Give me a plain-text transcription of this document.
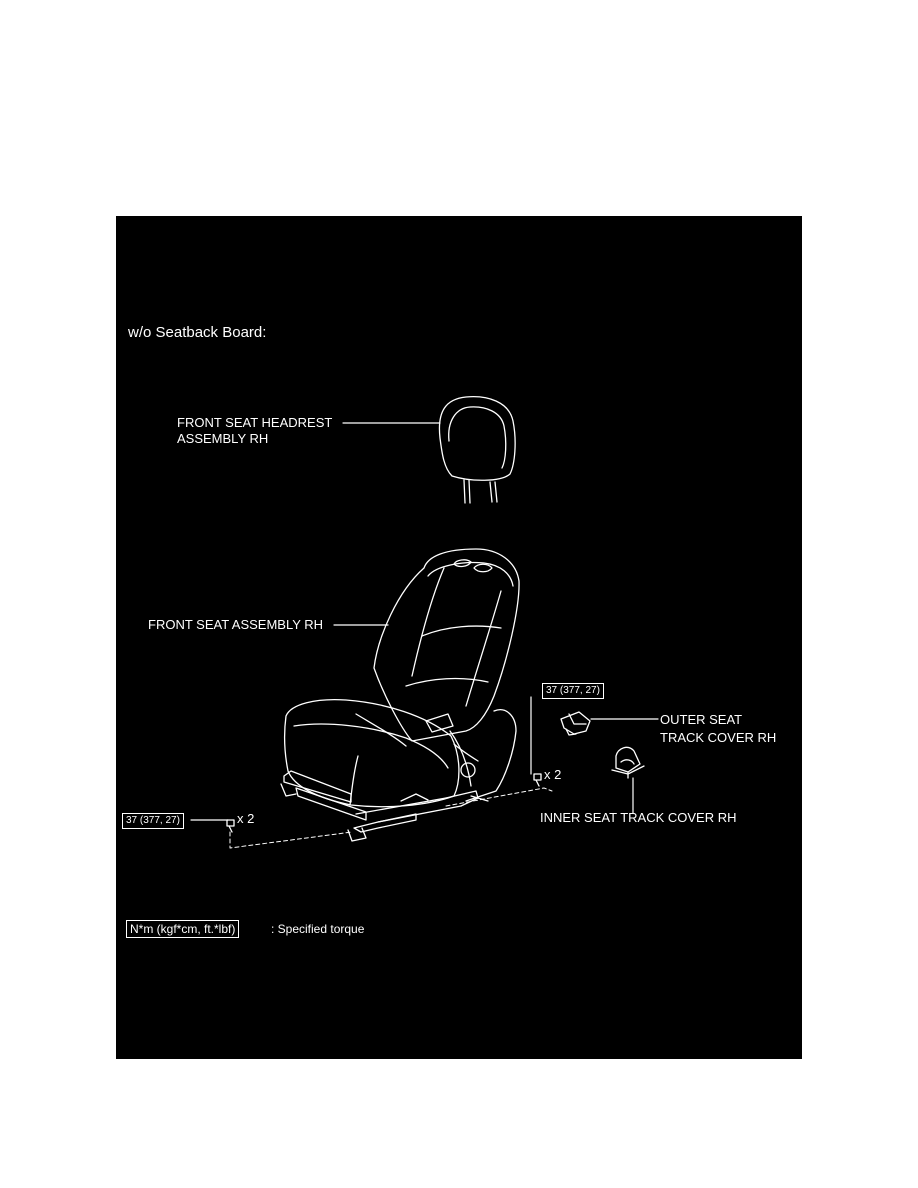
w/o Seatback Board:

FRONT SEAT HEADREST

ASSEMBLY RH

FRONT SEAT ASSEMBLY RH

OUTER SEAT

TRACK COVER RH

INNER SEAT TRACK COVER RH

37 (377, 27)

x 2

37 (377, 27)	x 2

N*m (kgf*cm, ft.*lbf)	: Specified torque
